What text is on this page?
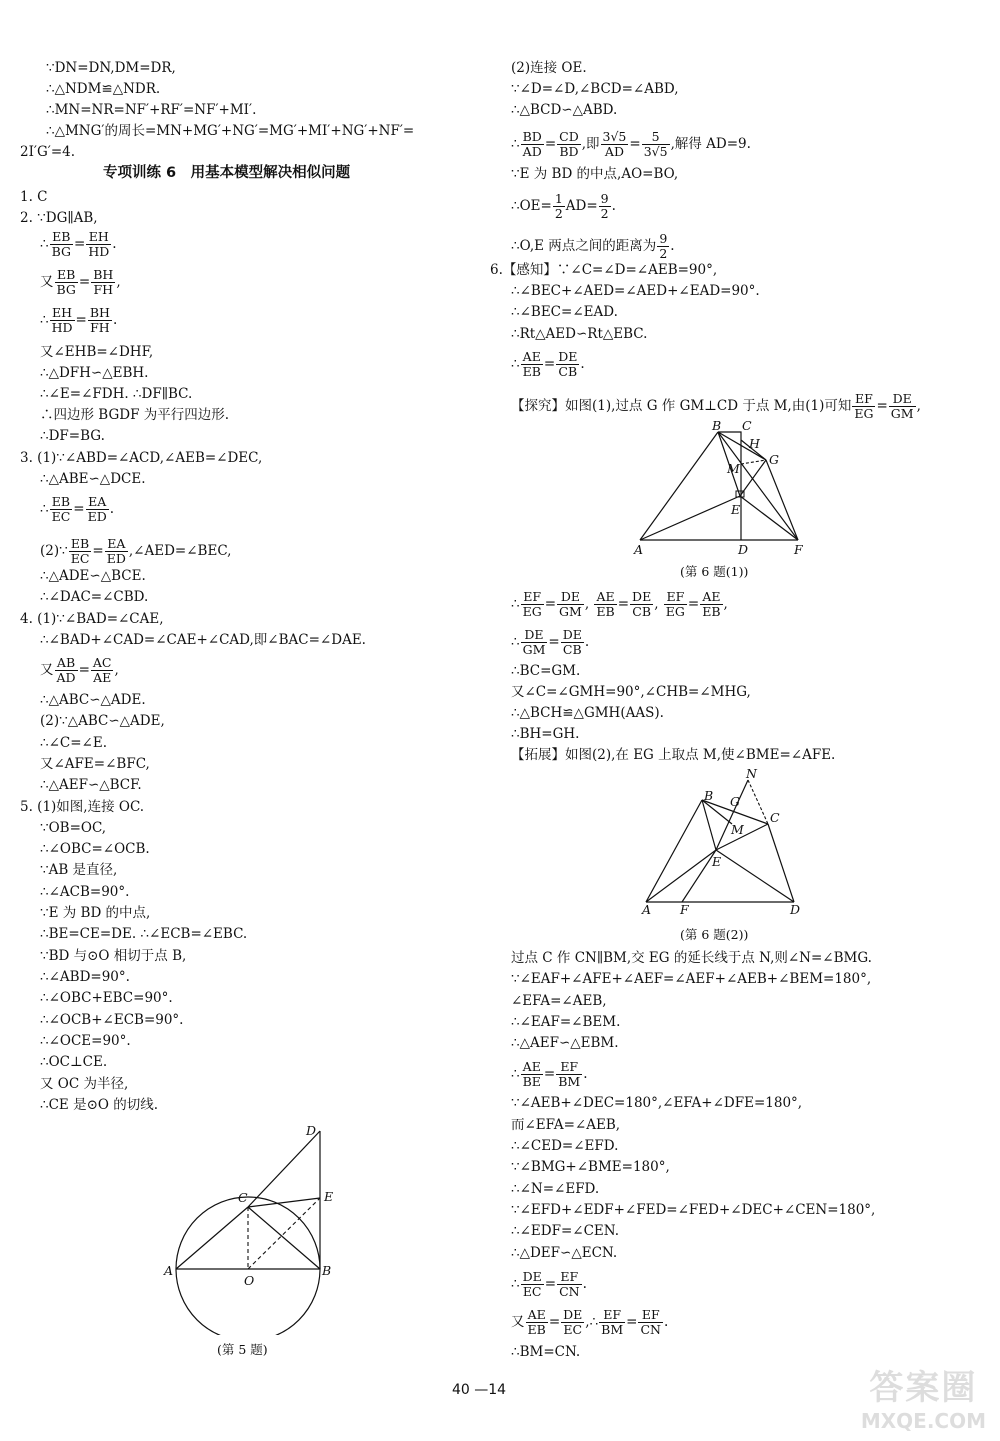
∵DN=DN,DM=DR,
∴△NDM≌△NDR.
∴MN=NR=NF′+RF′=NF′+MI′.
∴△MNG′的周长=MN+MG′+NG′=MG′+MI′+NG′+NF′=
2I′G′=4.
专项训练 6　用基本模型解决相似问题
1. C
2. ∵DG∥AB,
∴ $\frac{EB}{BG} = \frac{EH}{HD}$ .
又 $\frac{EB}{BG} = \frac{BH}{FH}$ ,
∴ $\frac{EH}{HD} = \frac{BH}{FH}$ .
又∠EHB=∠DHF,
∴△DFH∽△EBH.
∴∠E=∠FDH. ∴DF∥BC.
∴四边形 BGDF 为平行四边形.
∴DF=BG.
3. (1)∵∠ABD=∠ACD,∠AEB=∠DEC,
∴△ABE∽△DCE.
∴ $\frac{EB}{EC} = \frac{EA}{ED}$ .
(2)∵ $\frac{EB}{EC} = \frac{EA}{ED}$ ,∠AED=∠BEC,
∴△ADE∽△BCE.
∴∠DAC=∠CBD.
4. (1)∵∠BAD=∠CAE,
∴∠BAD+∠CAD=∠CAE+∠CAD,即∠BAC=∠DAE.
又 $\frac{AB}{AD} = \frac{AC}{AE}$ ,
∴△ABC∽△ADE.
(2)∵△ABC∽△ADE,
∴∠C=∠E.
又∠AFE=∠BFC,
∴△AEF∽△BCF.
5. (1)如图,连接 OC.
∵OB=OC,
∴∠OBC=∠OCB.
∵AB 是直径,
∴∠ACB=90°.
∵E 为 BD 的中点,
∴BE=CE=DE. ∴∠ECB=∠EBC.
∵BD 与⊙O 相切于点 B,
∴∠ABD=90°.
∴∠OBC+EBC=90°.
∴∠OCB+∠ECB=90°.
∴∠OCE=90°.
∴OC⊥CE.
又 OC 为半径,
∴CE 是⊙O 的切线.
D
C	E
A	B
O
(第 5 题)
(2)连接 OE.
∵∠D=∠D,∠BCD=∠ABD,
∴△BCD∽△ABD.
∴ $\frac{BD}{AD} = \frac{CD}{BD}$ ,即 $\frac{3√5}{AD} = \frac{5}{3√5}$ ,解得 AD=9.
∵E 为 BD 的中点,AO=BO,
∴OE= $\frac{1}{2} AD= \frac{9}{2}$ .
∴O,E 两点之间的距离为 $\frac{9}{2}$ .
6.【感知】∵∠C=∠D=∠AEB=90°,
∴∠BEC+∠AED=∠AED+∠EAD=90°.
∴∠BEC=∠EAD.
∴Rt△AED∽Rt△EBC.
∴ $\frac{AE}{EB} = \frac{DE}{CB}$ .
【探究】如图(1),过点 G 作 GM⊥CD 于点 M,由(1)可知 $\frac{EF}{EG} = \frac{DE}{GM}$ ,
B C
H
M
G
E
A	D	F
(第 6 题(1))
∴ $\frac{EF}{EG} = \frac{DE}{GM}$ , $\frac{AE}{EB} = \frac{DE}{CB}$ , $\frac{EF}{EG} = \frac{AE}{EB}$ ,
∴ $\frac{DE}{GM} = \frac{DE}{CB}$ .
∴BC=GM.
又∠C=∠GMH=90°,∠CHB=∠MHG,
∴△BCH≌△GMH(AAS).
∴BH=GH.
【拓展】如图(2),在 EG 上取点 M,使∠BME=∠AFE.
N
B G
C
M
E
A F	D
(第 6 题(2))
过点 C 作 CN∥BM,交 EG 的延长线于点 N,则∠N=∠BMG.
∵∠EAF+∠AFE+∠AEF=∠AEF+∠AEB+∠BEM=180°,
∠EFA=∠AEB,
∴∠EAF=∠BEM.
∴△AEF∽△EBM.
∴ $\frac{AE}{BE} = \frac{EF}{BM}$ .
∵∠AEB+∠DEC=180°,∠EFA+∠DFE=180°,
而∠EFA=∠AEB,
∴∠CED=∠EFD.
∵∠BMG+∠BME=180°,
∴∠N=∠EFD.
∵∠EFD+∠EDF+∠FED=∠FED+∠DEC+∠CEN=180°,
∴∠EDF=∠CEN.
∴△DEF∽△ECN.
∴ $\frac{DE}{EC} = \frac{EF}{CN}$ .
又 $\frac{AE}{EB} = \frac{DE}{EC}$ ,∴ $\frac{EF}{BM} = \frac{EF}{CN}$ .
∴BM=CN.
40 —14	答案圈
MXQE.COM
